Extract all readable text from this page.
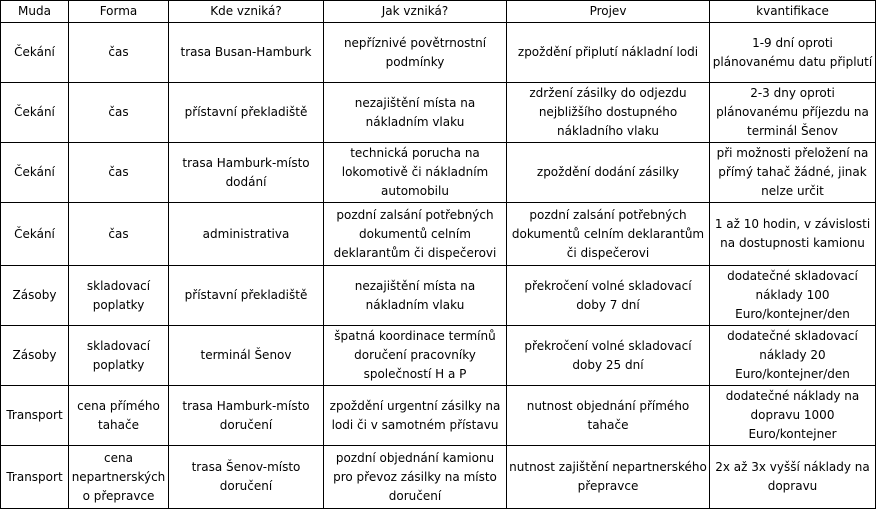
Muda	Forma	Kde vzniká?	Jak vzniká?	Projev	kvantifikace
Čekání	čas	trasa Busan-Hamburk	nepříznivé povětrnostní podmínky	zpoždění připlutí nákladní lodi	1-9 dní oproti plánovanému datu připlutí
Čekání	čas	přístavní překladiště	nezajištění místa na nákladním vlaku	zdržení zásilky do odjezdu nejbližšího dostupného nákladního vlaku	2-3 dny oproti plánovanému příjezdu na terminál Šenov
Čekání	čas	trasa Hamburk-místo dodání	technická porucha na lokomotivě či nákladním automobilu	zpoždění dodání zásilky	při možnosti přeložení na přímý tahač žádné, jinak nelze určit
Čekání	čas	administrativa	pozdní zalsání potřebných dokumentů celním deklarantům či dispečerovi	pozdní zalsání potřebných dokumentů celním deklarantům či dispečerovi	1 až 10 hodin, v závislosti na dostupnosti kamionu
Zásoby	skladovací poplatky	přístavní překladiště	nezajištění místa na nákladním vlaku	překročení volné skladovací doby 7 dní	dodatečné skladovací náklady 100 Euro/kontejner/den
Zásoby	skladovací poplatky	terminál Šenov	špatná koordinace termínů doručení pracovníky společností H a P	překročení volné skladovací doby 25 dní	dodatečné skladovací náklady 20 Euro/kontejner/den
Transport	cena přímého tahače	trasa Hamburk-místo doručení	zpoždění urgentní zásilky na lodi či v samotném přístavu	nutnost objednání přímého tahače	dodatečné náklady na dopravu 1000 Euro/kontejner
Transport	cena nepartnerských o přepravce	trasa Šenov-místo doručení	pozdní objednání kamionu pro převoz zásilky na místo doručení	nutnost zajištění nepartnerského přepravce	2x až 3x vyšší náklady na dopravu
